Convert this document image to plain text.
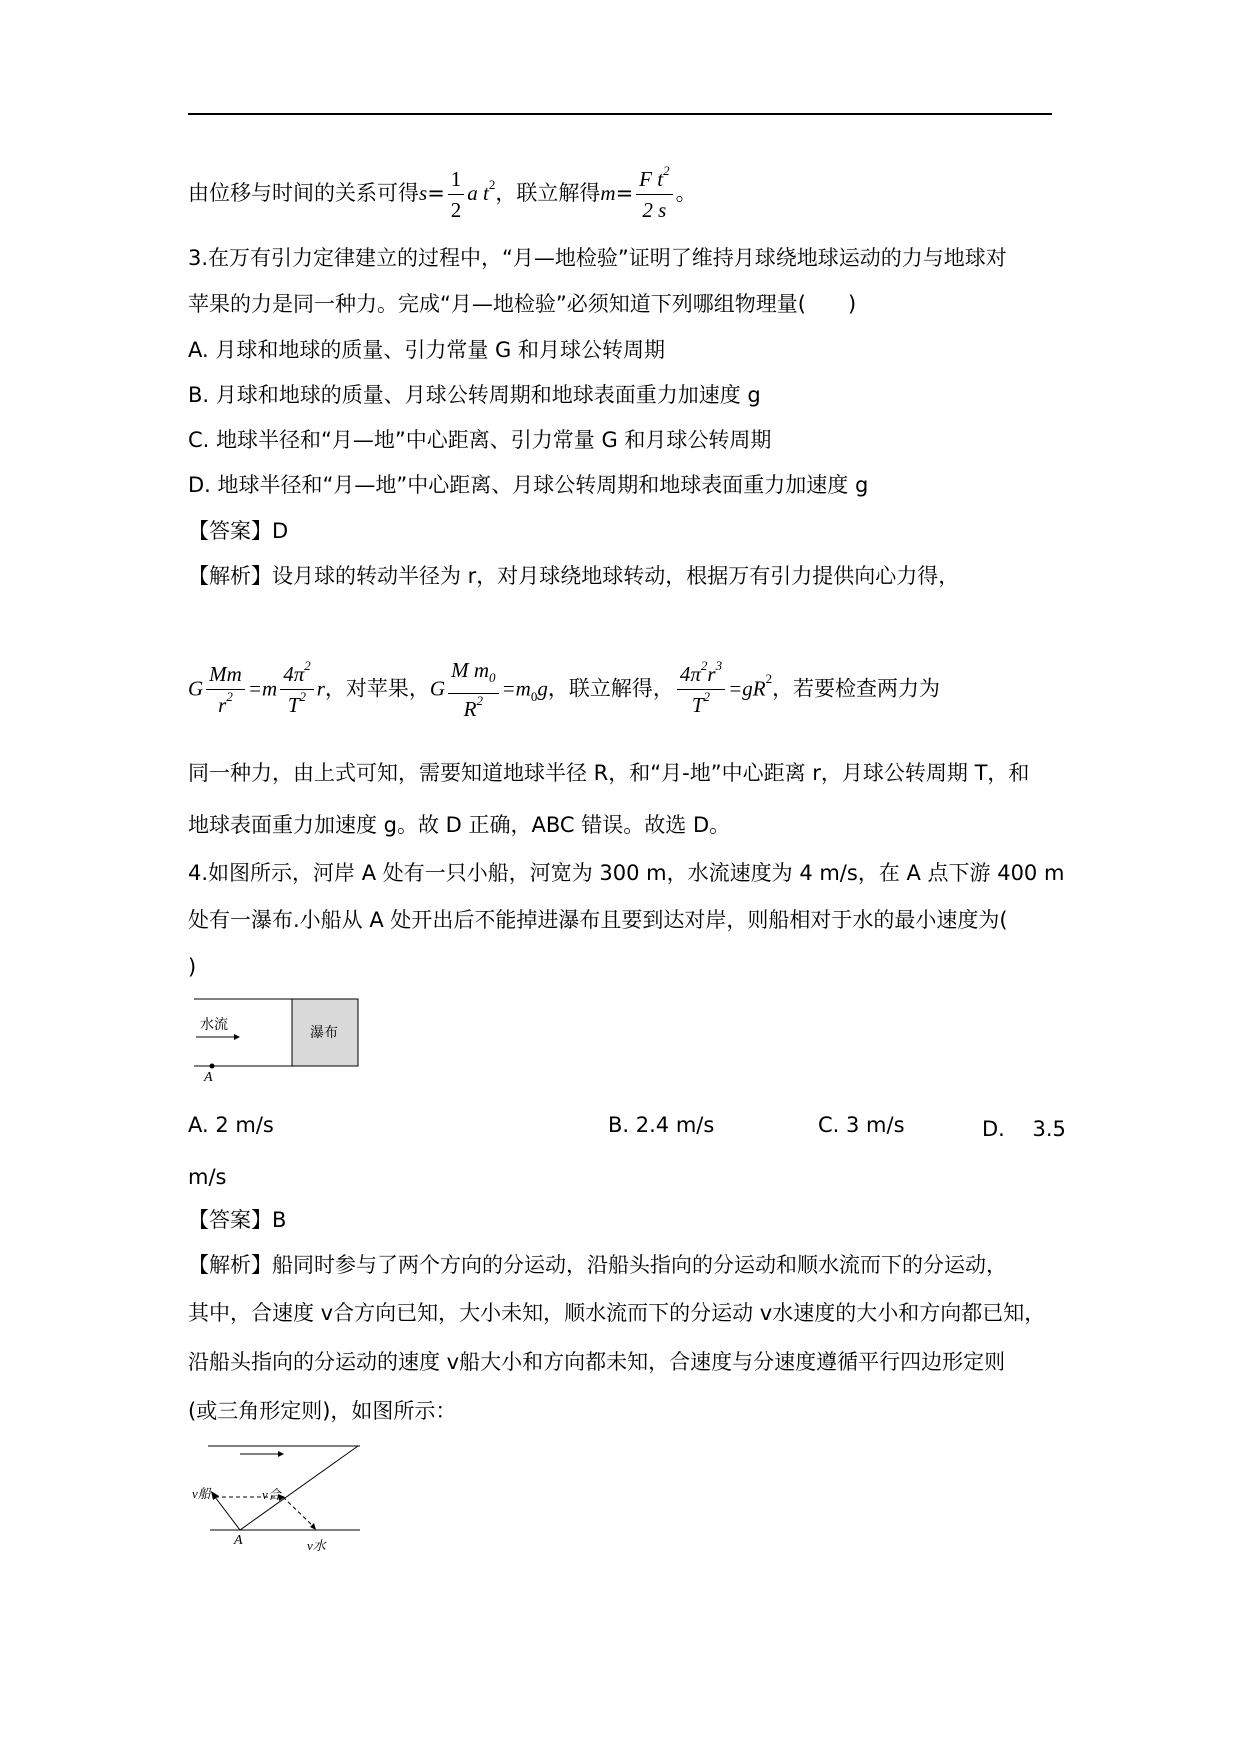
由位移与时间的关系可得$s= \frac{1}{2}$ a $t^2$，联立解得$m= \frac{F t^2}{2 s}$ 。
3.在万有引力定律建立的过程中，“月—地检验”证明了维持月球绕地球运动的力与地球对
苹果的力是同一种力。完成“月—地检验”必须知道下列哪组物理量(　　)
A. 月球和地球的质量、引力常量 G 和月球公转周期
B. 月球和地球的质量、月球公转周期和地球表面重力加速度 g
C. 地球半径和“月—地”中心距离、引力常量 G 和月球公转周期
D. 地球半径和“月—地”中心距离、月球公转周期和地球表面重力加速度 g
【答案】D
【解析】设月球的转动半径为 r，对月球绕地球转动，根据万有引力提供向心力得，
G $\frac{Mm}{r^2} =m \frac{4\pi^2}{T^2}$ r，对苹果，G $\frac{M m_0}{R^2} =m_0g$，联立解得， $\frac{4\pi^2r^3}{T^2} =gR^2$，若要检查两力为
同一种力，由上式可知，需要知道地球半径 R，和“月-地”中心距离 r，月球公转周期 T，和
地球表面重力加速度 g。故 D 正确，ABC 错误。故选 D。
4.如图所示，河岸 A 处有一只小船，河宽为 300 m，水流速度为 4 m/s，在 A 点下游 400 m
处有一瀑布.小船从 A 处开出后不能掉进瀑布且要到达对岸，则船相对于水的最小速度为(
)
水流	瀑布
A
A. 2 m/s	B. 2.4 m/s	C. 3 m/s	D.　 3.5
m/s
【答案】B
【解析】船同时参与了两个方向的分运动，沿船头指向的分运动和顺水流而下的分运动，
其中，合速度 v合方向已知，大小未知，顺水流而下的分运动 v水速度的大小和方向都已知，
沿船头指向的分运动的速度 v船大小和方向都未知，合速度与分速度遵循平行四边形定则
(或三角形定则)，如图所示：
v船	v合
A	v水
